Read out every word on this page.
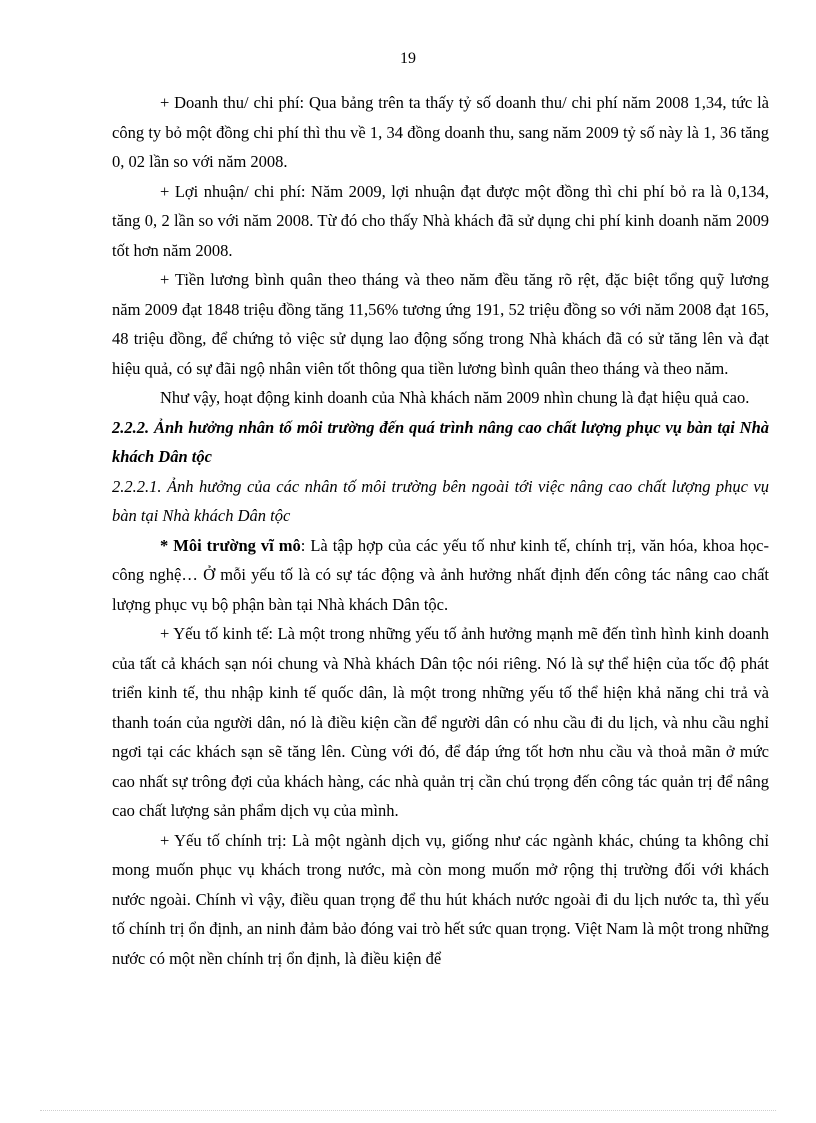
19

+ Doanh thu/ chi phí: Qua bảng trên ta thấy tỷ số doanh thu/ chi phí năm 2008 1,34, tức là công ty bỏ một đồng chi phí thì thu về 1, 34 đồng doanh thu, sang năm 2009 tỷ số này là 1, 36 tăng 0, 02 lần so với năm 2008.

+ Lợi nhuận/ chi phí: Năm 2009, lợi nhuận đạt được một đồng thì chi phí bỏ ra là 0,134, tăng 0, 2 lần so với năm 2008. Từ đó cho thấy Nhà khách đã sử dụng chi phí kinh doanh năm 2009 tốt hơn năm 2008.

+ Tiền lương bình quân theo tháng và theo năm đều tăng rõ rệt, đặc biệt tổng quỹ lương năm 2009 đạt 1848 triệu đồng tăng 11,56% tương ứng 191, 52 triệu đồng so với năm 2008 đạt 165, 48 triệu đồng, để chứng tỏ việc sử dụng lao động sống trong Nhà khách đã có sử tăng lên và đạt hiệu quả, có sự đãi ngộ nhân viên tốt thông qua tiền lương bình quân theo tháng và theo năm.

Như vậy, hoạt động kinh doanh của Nhà khách năm 2009 nhìn chung là đạt hiệu quả cao.

2.2.2. Ảnh hưởng nhân tố môi trường đến quá trình nâng cao chất lượng phục vụ bàn tại Nhà khách Dân tộc

2.2.2.1. Ảnh hưởng của các nhân tố môi trường bên ngoài tới việc nâng cao chất lượng phục vụ bàn tại Nhà khách Dân tộc

* Môi trường vĩ mô: Là tập hợp của các yếu tố như kinh tế, chính trị, văn hóa, khoa học- công nghệ… Ở mỗi yếu tố là có sự tác động và ảnh hưởng nhất định đến công tác nâng cao chất lượng phục vụ bộ phận bàn tại Nhà khách Dân tộc.

+ Yếu tố kinh tế: Là một trong những yếu tố ảnh hưởng mạnh mẽ đến tình hình kinh doanh của tất cả khách sạn nói chung và Nhà khách Dân tộc nói riêng. Nó là sự thể hiện của tốc độ phát triển kinh tế, thu nhập kinh tế quốc dân, là một trong những yếu tố thể hiện khả năng chi trả và thanh toán của người dân, nó là điều kiện cần để người dân có nhu cầu đi du lịch, và nhu cầu nghỉ ngơi tại các khách sạn sẽ tăng lên. Cùng với đó, để đáp ứng tốt hơn nhu cầu và thoả mãn ở mức cao nhất sự trông đợi của khách hàng, các nhà quản trị cần chú trọng đến công tác quản trị để nâng cao chất lượng sản phẩm dịch vụ của mình.

+ Yếu tố chính trị: Là một ngành dịch vụ, giống như các ngành khác, chúng ta không chỉ mong muốn phục vụ khách trong nước, mà còn mong muốn mở rộng thị trường đối với khách nước ngoài. Chính vì vậy, điều quan trọng để thu hút khách nước ngoài đi du lịch nước ta, thì yếu tố chính trị ổn định, an ninh đảm bảo đóng vai trò hết sức quan trọng. Việt Nam là một trong những nước có một nền chính trị ổn định, là điều kiện để
